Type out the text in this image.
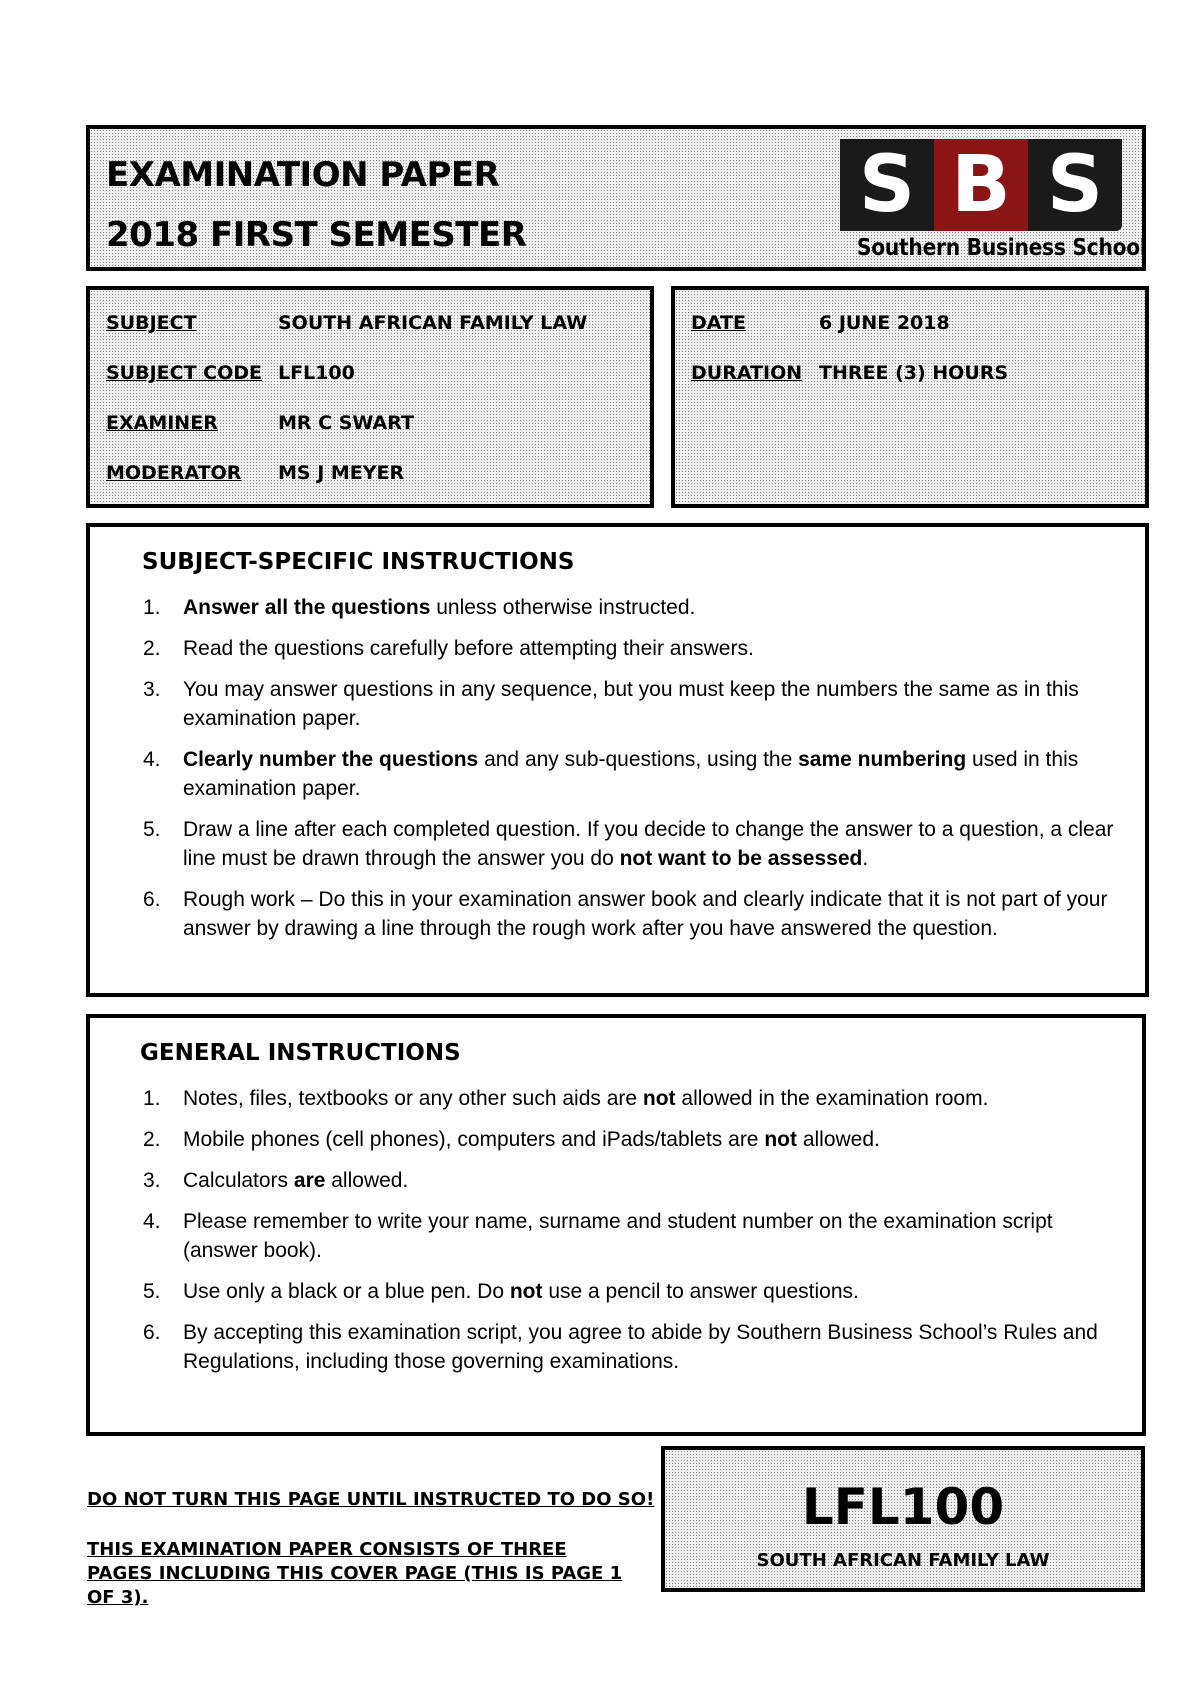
EXAMINATION PAPER
2018 FIRST SEMESTER
S B S
Southern Business School
SUBJECT	SOUTH AFRICAN FAMILY LAW
SUBJECT CODE LFL100
EXAMINER	MR C SWART
MODERATOR MS J MEYER
DATE	6 JUNE 2018
DURATION THREE (3) HOURS
SUBJECT-SPECIFIC INSTRUCTIONS
1. Answer all the questions unless otherwise instructed.
2. Read the questions carefully before attempting their answers.
3. You may answer questions in any sequence, but you must keep the numbers the same as in this examination paper.
4. Clearly number the questions and any sub-questions, using the same numbering used in this examination paper.
5. Draw a line after each completed question. If you decide to change the answer to a question, a clear line must be drawn through the answer you do not want to be assessed.
6. Rough work – Do this in your examination answer book and clearly indicate that it is not part of your answer by drawing a line through the rough work after you have answered the question.
GENERAL INSTRUCTIONS
1. Notes, files, textbooks or any other such aids are not allowed in the examination room.
2. Mobile phones (cell phones), computers and iPads/tablets are not allowed.
3. Calculators are allowed.
4. Please remember to write your name, surname and student number on the examination script (answer book).
5. Use only a black or a blue pen. Do not use a pencil to answer questions.
6. By accepting this examination script, you agree to abide by Southern Business School’s Rules and Regulations, including those governing examinations.
DO NOT TURN THIS PAGE UNTIL INSTRUCTED TO DO SO!
THIS EXAMINATION PAPER CONSISTS OF THREE PAGES INCLUDING THIS COVER PAGE (THIS IS PAGE 1 OF 3).
LFL100
SOUTH AFRICAN FAMILY LAW
